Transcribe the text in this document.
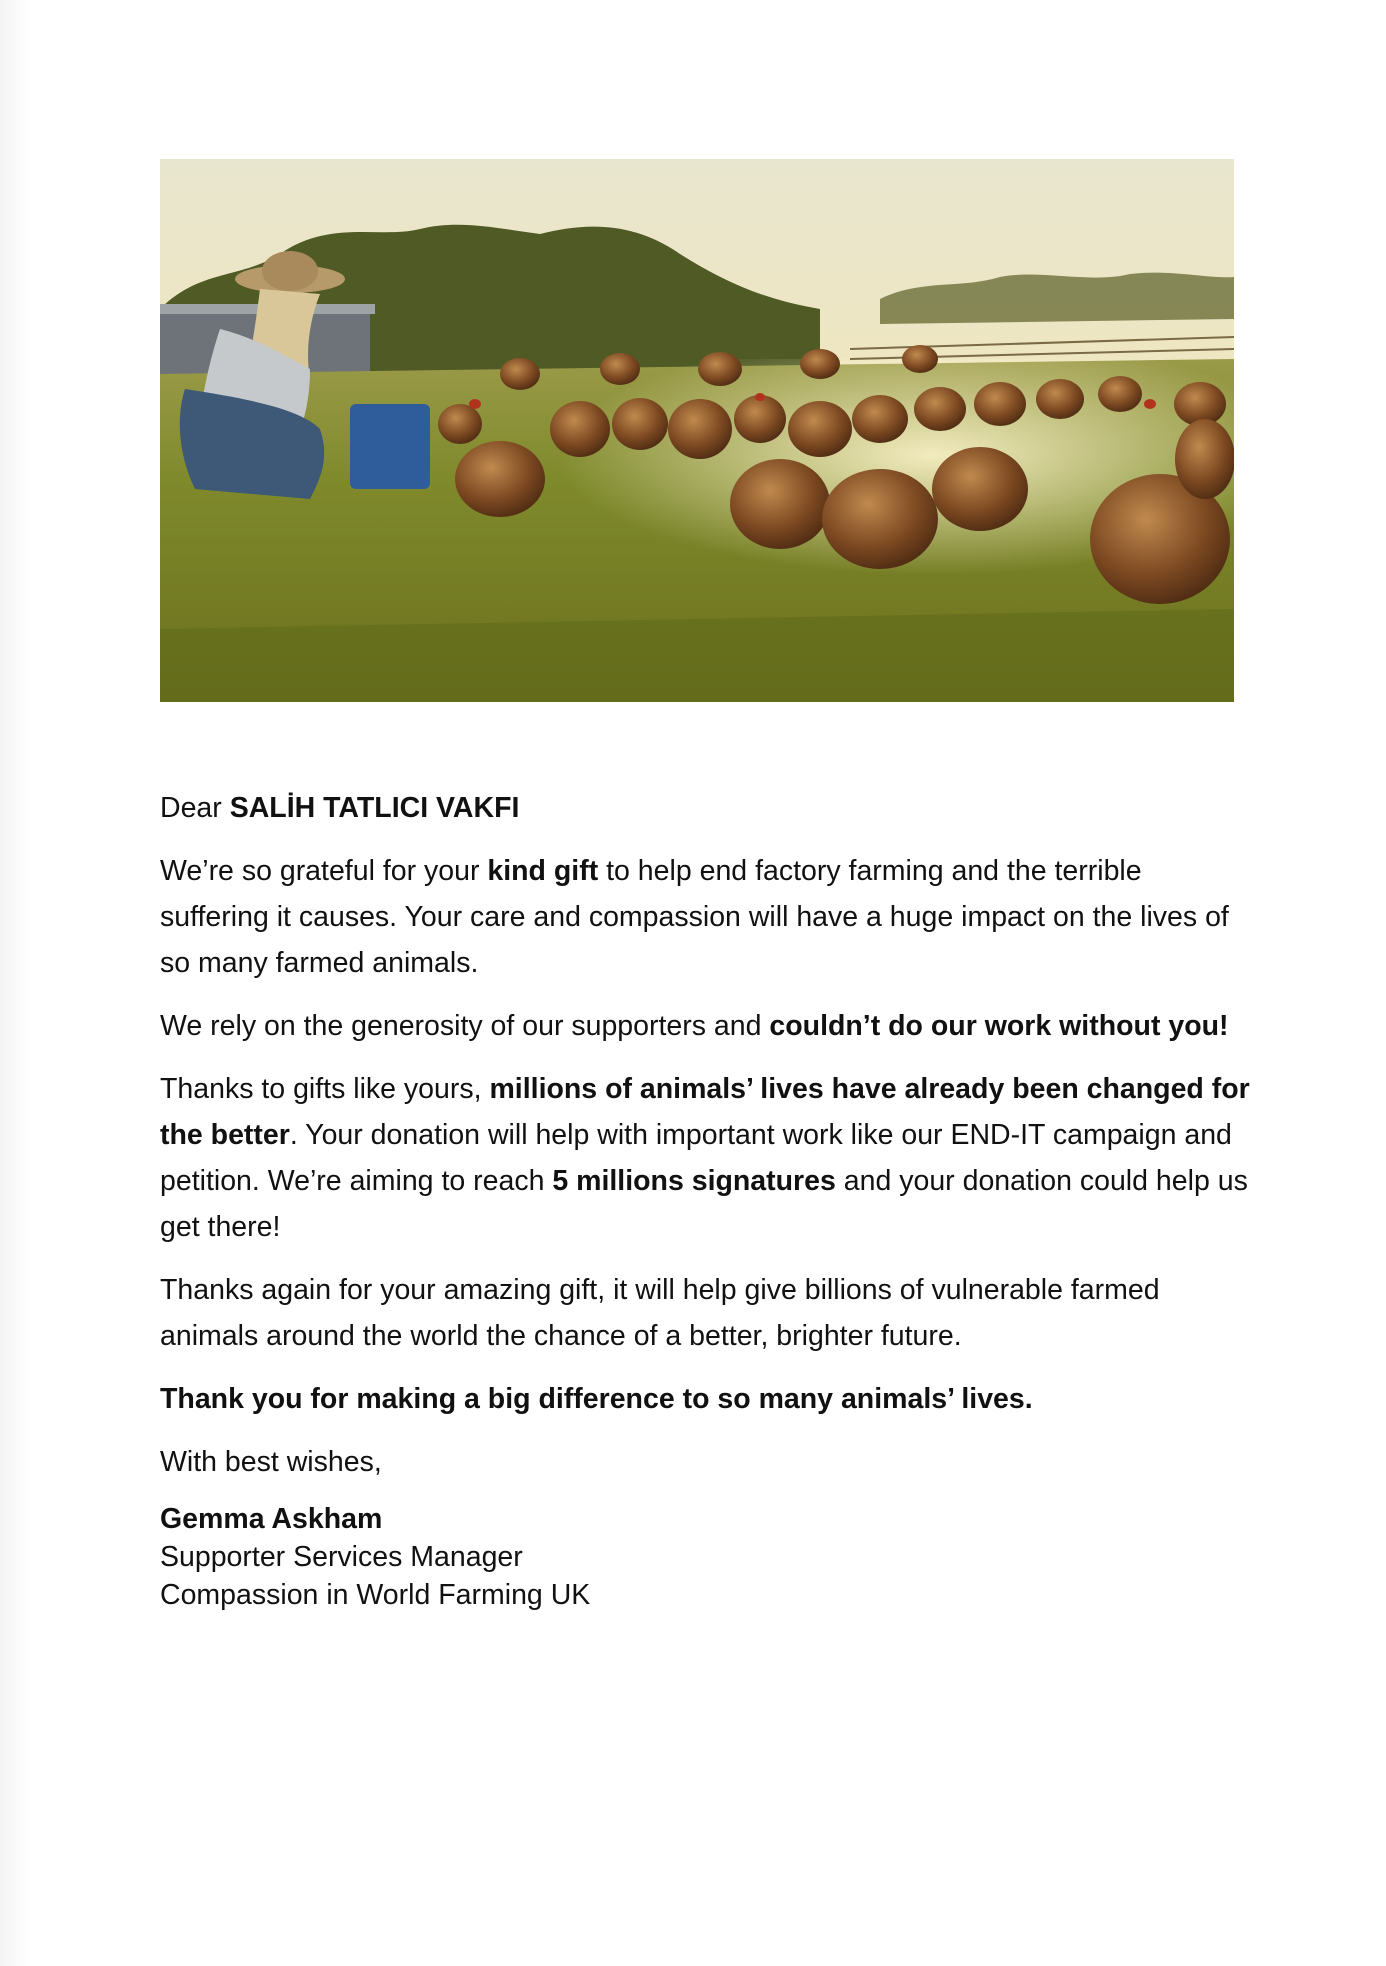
Dear SALİH TATLICI VAKFI

We’re so grateful for your kind gift to help end factory farming and the terrible suffering it causes. Your care and compassion will have a huge impact on the lives of so many farmed animals.

We rely on the generosity of our supporters and couldn’t do our work without you!

Thanks to gifts like yours, millions of animals’ lives have already been changed for the better. Your donation will help with important work like our END-IT campaign and petition. We’re aiming to reach 5 millions signatures and your donation could help us get there!

Thanks again for your amazing gift, it will help give billions of vulnerable farmed animals around the world the chance of a better, brighter future.

Thank you for making a big difference to so many animals’ lives.

With best wishes,

Gemma Askham
Supporter Services Manager
Compassion in World Farming UK
